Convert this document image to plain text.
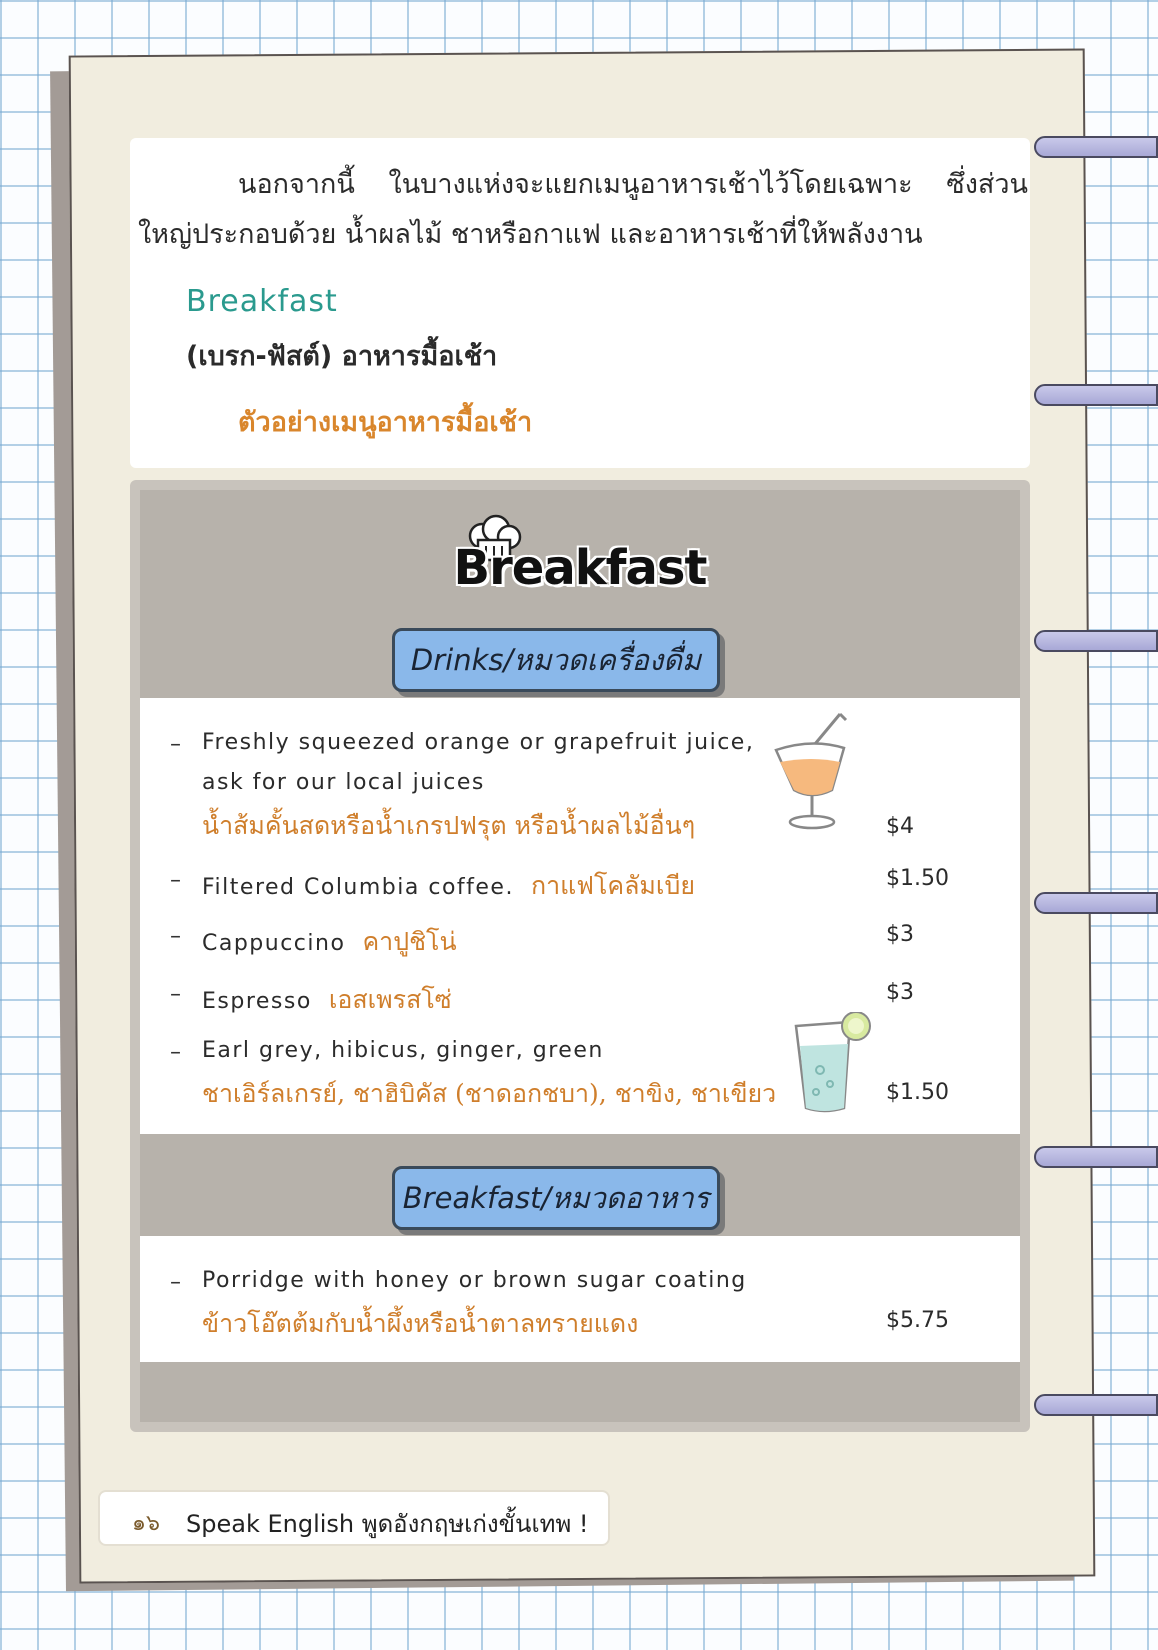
นอกจากนี้ ในบางแห่งจะแยกเมนูอาหารเช้าไว้โดยเฉพาะ ซึ่งส่วนใหญ่ประกอบด้วย น้ำผลไม้ ชาหรือกาแฟ และอาหารเช้าที่ให้พลังงาน

Breakfast

(เบรก-ฟัสต์) อาหารมื้อเช้า

ตัวอย่างเมนูอาหารมื้อเช้า

Breakfast
Drinks/หมวดเครื่องดื่ม
– Freshly squeezed orange or grapefruit juice,

ask for our local juices

น้ำส้มคั้นสดหรือน้ำเกรปฟรุต หรือน้ำผลไม้อื่นๆ	$4

– Filtered Columbia coffee. กาแฟโคลัมเบีย	$1.50

– Cappuccino คาปูชิโน่	$3

– Espresso เอสเพรสโซ่	$3

– Earl grey, hibicus, ginger, green

ชาเอิร์ลเกรย์, ชาฮิบิคัส (ชาดอกชบา), ชาขิง, ชาเขียว	$1.50

Breakfast/หมวดอาหาร
– Porridge with honey or brown sugar coating

ข้าวโอ๊ตต้มกับน้ำผึ้งหรือน้ำตาลทรายแดง	$5.75

๑๖ Speak English พูดอังกฤษเก่งขั้นเทพ !
